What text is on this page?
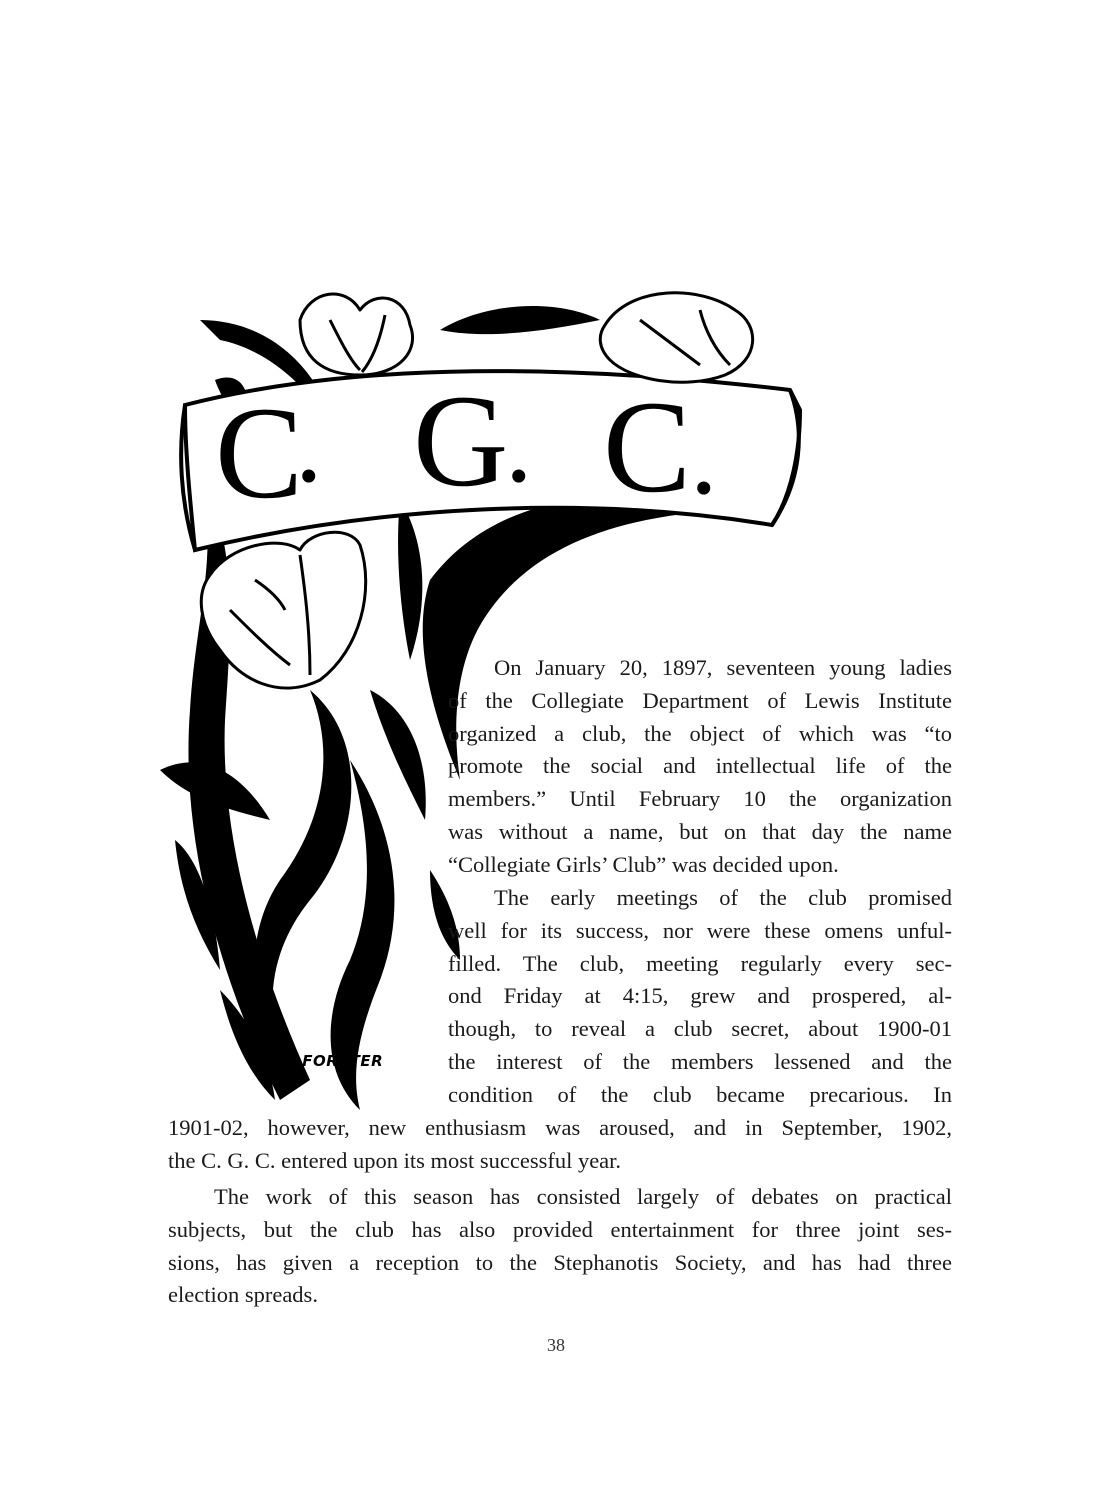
C
. G
. C
.
H.FORSTER
On January 20, 1897, seventeen young ladies
of the Collegiate Department of Lewis Institute
organized a club, the object of which was “to
promote the social and intellectual life of the
members.” Until February 10 the organization
was without a name, but on that day the name
“Collegiate Girls’ Club” was decided upon.
The early meetings of the club promised
well for its success, nor were these omens unful-
filled. The club, meeting regularly every sec-
ond Friday at 4:15, grew and prospered, al-
though, to reveal a club secret, about 1900-01
the interest of the members lessened and the
condition of the club became precarious. In
1901-02, however, new enthusiasm was aroused, and in September, 1902,
the C. G. C. entered upon its most successful year.
The work of this season has consisted largely of debates on practical
subjects, but the club has also provided entertainment for three joint ses-
sions, has given a reception to the Stephanotis Society, and has had three
election spreads.
38
